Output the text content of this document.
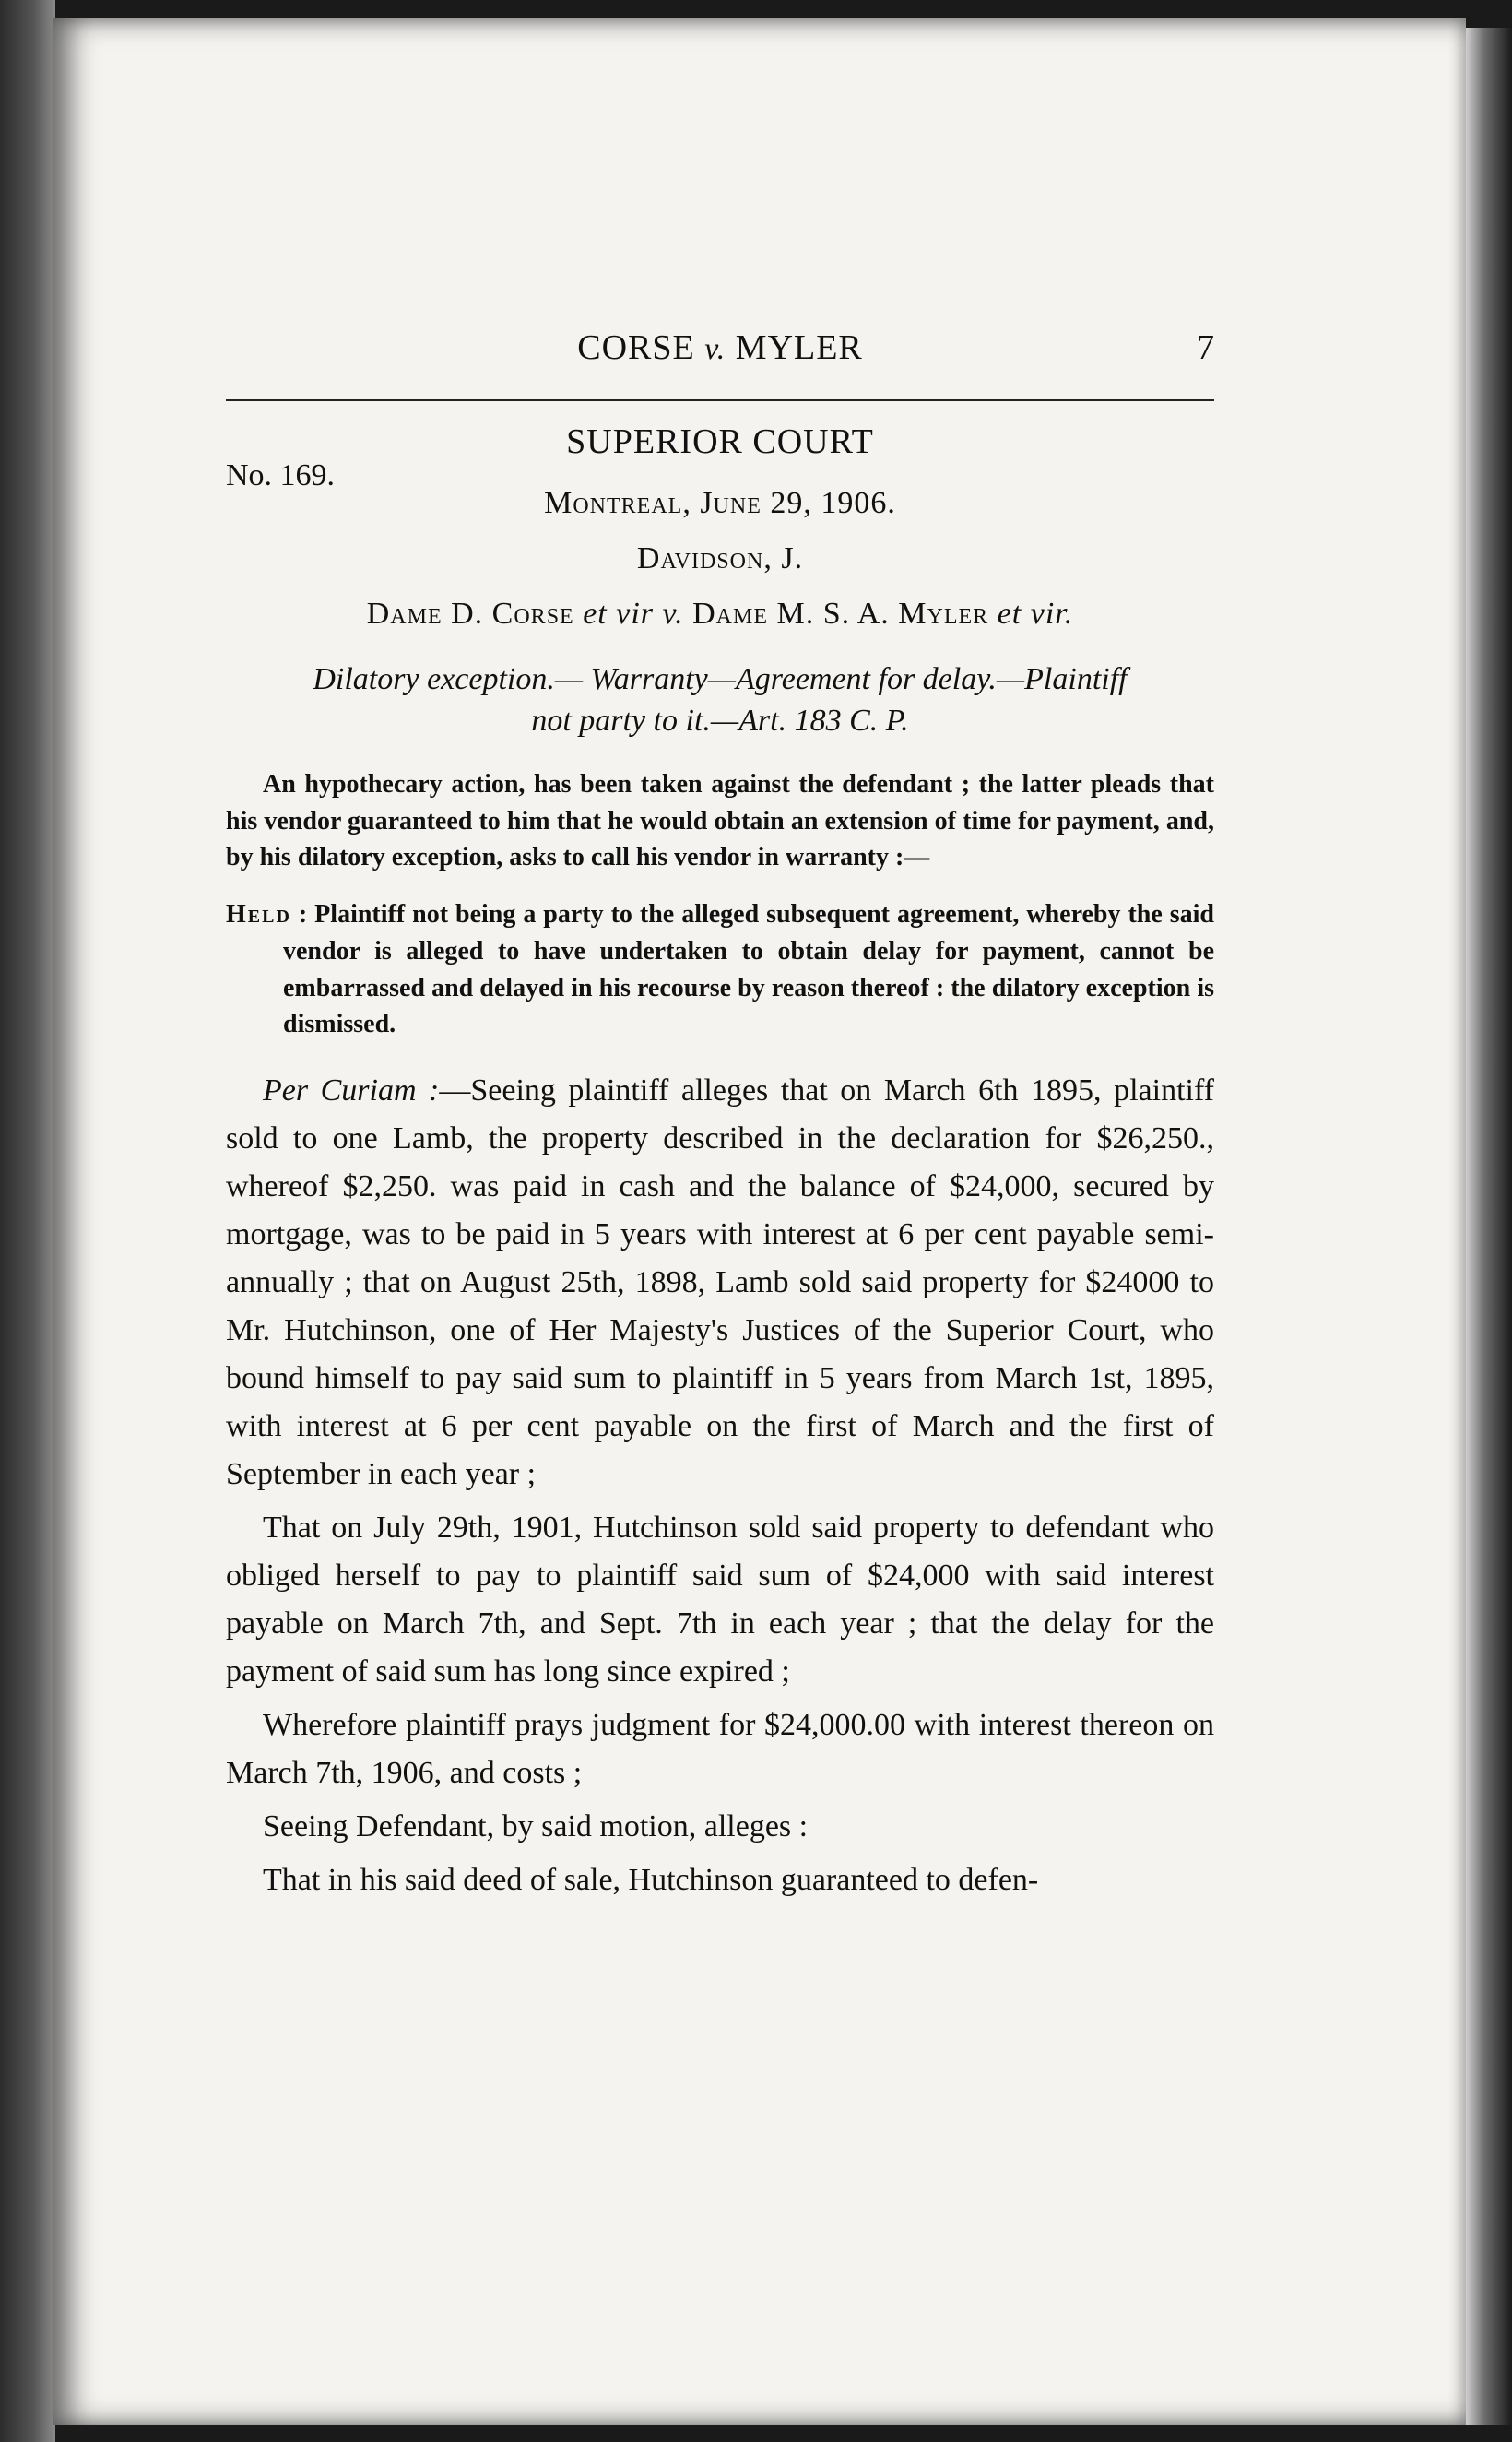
CORSE v. MYLER	7
No. 169.
SUPERIOR COURT
Montreal, June 29, 1906.
Davidson, J.
Dame D. Corse et vir v. Dame M. S. A. Myler et vir.
Dilatory exception.— Warranty—Agreement for delay.—Plaintiff
not party to it.—Art. 183 C. P.
An hypothecary action, has been taken against the defendant ; the latter pleads that his vendor guaranteed to him that he would obtain an extension of time for payment, and, by his dilatory exception, asks to call his vendor in warranty :—
Held : Plaintiff not being a party to the alleged subsequent agreement, whereby the said vendor is alleged to have undertaken to obtain delay for payment, cannot be embarrassed and delayed in his recourse by reason thereof : the dilatory exception is dismissed.

Per Curiam :—Seeing plaintiff alleges that on March 6th 1895, plaintiff sold to one Lamb, the property described in the declaration for $26,250., whereof $2,250. was paid in cash and the balance of $24,000, secured by mortgage, was to be paid in 5 years with interest at 6 per cent payable semi-annually ; that on August 25th, 1898, Lamb sold said property for $24000 to Mr. Hutchinson, one of Her Majesty's Justices of the Superior Court, who bound himself to pay said sum to plaintiff in 5 years from March 1st, 1895, with interest at 6 per cent payable on the first of March and the first of September in each year ;

That on July 29th, 1901, Hutchinson sold said property to defendant who obliged herself to pay to plaintiff said sum of $24,000 with said interest payable on March 7th, and Sept. 7th in each year ; that the delay for the payment of said sum has long since expired ;

Wherefore plaintiff prays judgment for $24,000.00 with interest thereon on March 7th, 1906, and costs ;

Seeing Defendant, by said motion, alleges :

That in his said deed of sale, Hutchinson guaranteed to defen-
